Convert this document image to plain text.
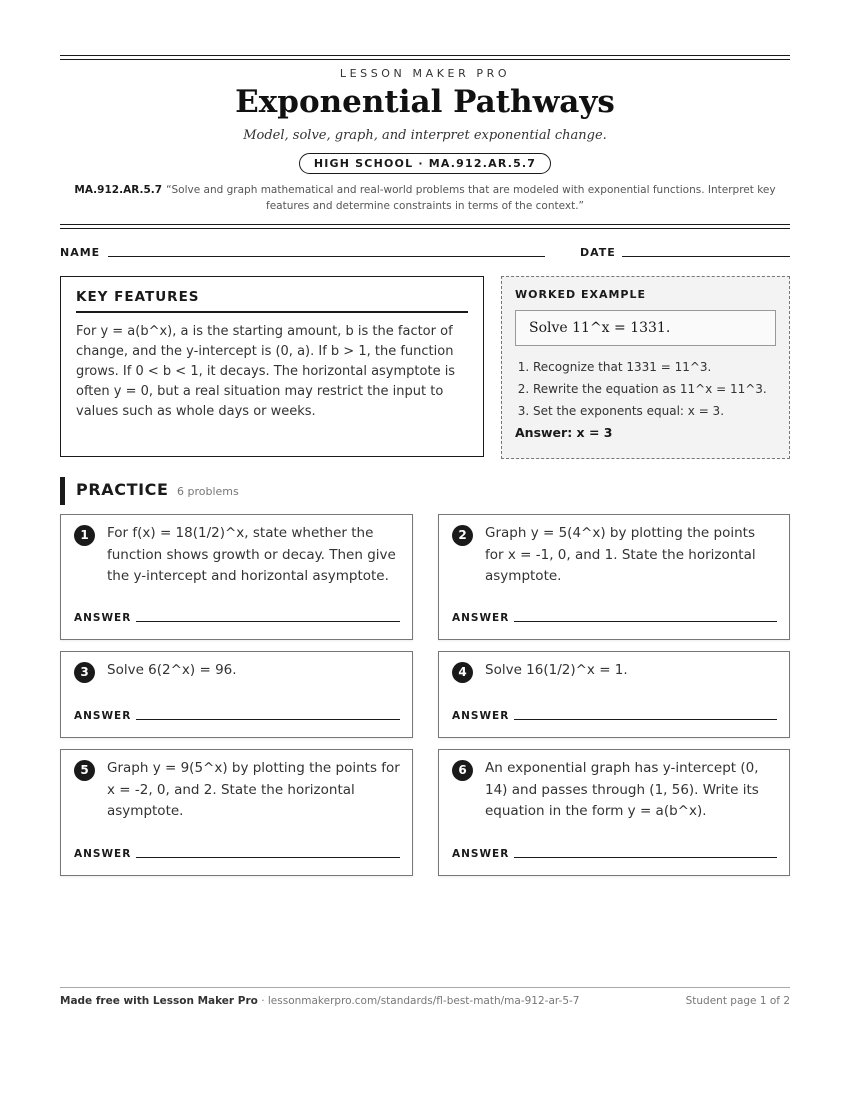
LESSON MAKER PRO
Exponential Pathways
Model, solve, graph, and interpret exponential change.
HIGH SCHOOL · MA.912.AR.5.7
MA.912.AR.5.7 “Solve and graph mathematical and real-world problems that are modeled with exponential functions. Interpret key features and determine constraints in terms of the context.”
NAME	DATE
KEY FEATURES
For y = a(b^x), a is the starting amount, b is the factor of change, and the y-intercept is (0, a). If b > 1, the function grows. If 0 < b < 1, it decays. The horizontal asymptote is often y = 0, but a real situation may restrict the input to values such as whole days or weeks.
WORKED EXAMPLE
Solve 11^x = 1331.
1. Recognize that 1331 = 11^3.
2. Rewrite the equation as 11^x = 11^3.
3. Set the exponents equal: x = 3.
Answer: x = 3
PRACTICE 6 problems
1	For f(x) = 18(1/2)^x, state whether the function shows growth or decay. Then give the y-intercept and horizontal asymptote.
ANSWER
2	Graph y = 5(4^x) by plotting the points for x = -1, 0, and 1. State the horizontal asymptote.
ANSWER
3	Solve 6(2^x) = 96.
ANSWER
4	Solve 16(1/2)^x = 1.
ANSWER
5	Graph y = 9(5^x) by plotting the points for x = -2, 0, and 2. State the horizontal asymptote.
ANSWER
6	An exponential graph has y-intercept (0, 14) and passes through (1, 56). Write its equation in the form y = a(b^x).
ANSWER
Made free with Lesson Maker Pro · lessonmakerpro.com/standards/fl-best-math/ma-912-ar-5-7	Student page 1 of 2
